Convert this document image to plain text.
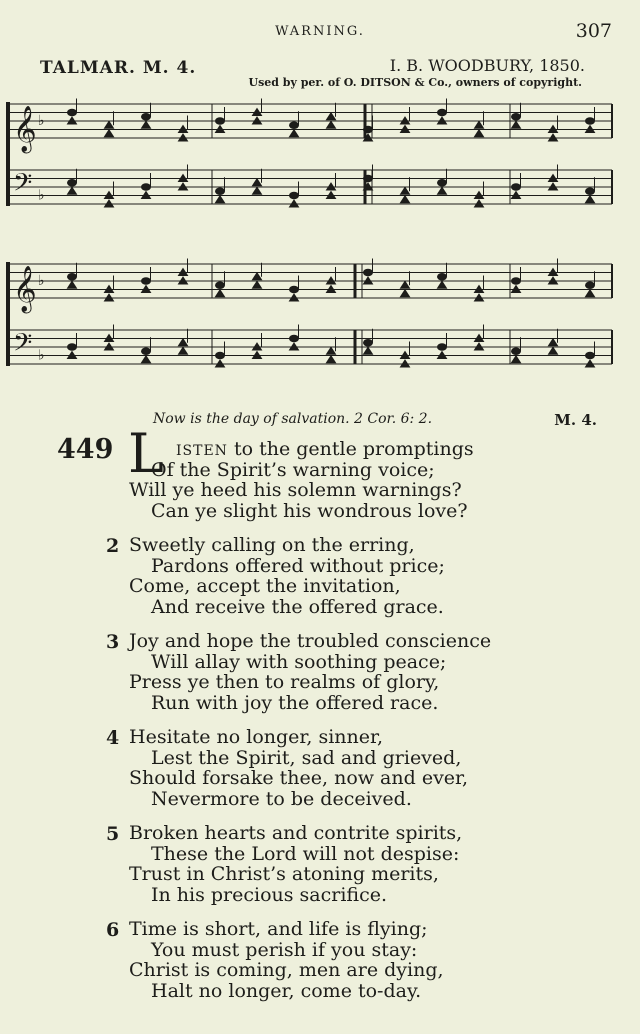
WARNING.	307
TALMAR. M. 4.	I. B. WOODBURY, 1850.
Used by per. of O. DITSON & Co., owners of copyright.
𝄞 ♭
𝄢 ♭
𝄞 ♭
𝄢 ♭
Now is the day of salvation. 2 Cor. 6: 2.	M. 4.
449 L ISTEN to the gentle promptings
Of the Spirit’s warning voice;
Will ye heed his solemn warnings?
Can ye slight his wondrous love?
2 Sweetly calling on the erring,
Pardons offered without price;
Come, accept the invitation,
And receive the offered grace.
3 Joy and hope the troubled conscience
Will allay with soothing peace;
Press ye then to realms of glory,
Run with joy the offered race.
4 Hesitate no longer, sinner,
Lest the Spirit, sad and grieved,
Should forsake thee, now and ever,
Nevermore to be deceived.
5 Broken hearts and contrite spirits,
These the Lord will not despise:
Trust in Christ’s atoning merits,
In his precious sacrifice.
6 Time is short, and life is flying;
You must perish if you stay:
Christ is coming, men are dying,
Halt no longer, come to-day.
